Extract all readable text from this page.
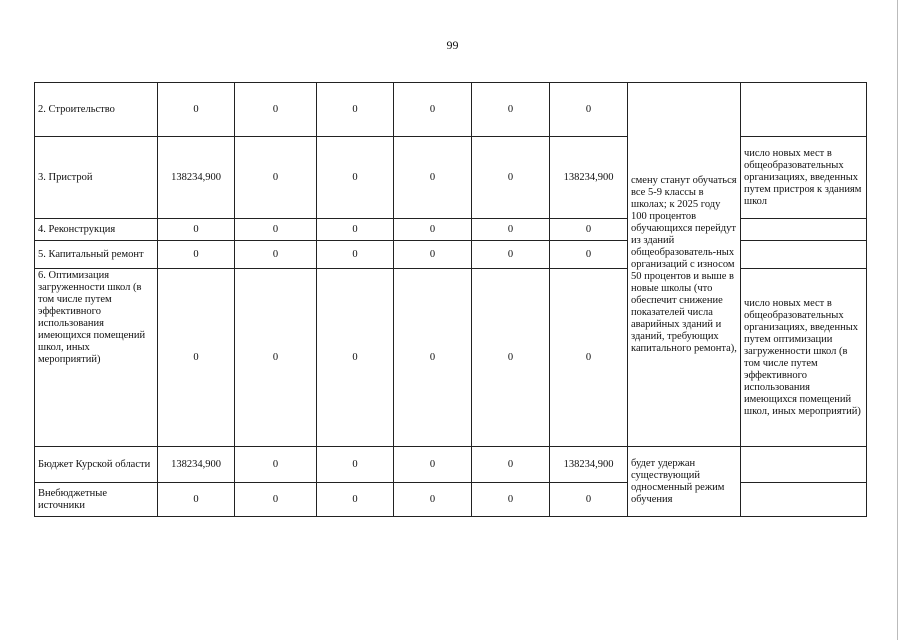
99
2. Строительство	0	0	0	0	0	0	смену станут обучаться все 5-9 классы в школах; к 2025 году 100 процентов обучающихся перейдут из зданий общеобразователь-ных организаций с износом 50 процентов и выше в новые школы (что обеспечит снижение показателей числа аварийных зданий и зданий, требующих капитального ремонта),	
3. Пристрой	138234,900	0	0	0	0	138234,900		число новых мест в общеобразовательных организациях, введенных путем пристроя к зданиям школ
4. Реконструкция	0	0	0	0	0	0		
5. Капитальный ремонт	0	0	0	0	0	0		
6. Оптимизация загруженности школ (в том числе путем эффективного использования имеющихся помещений школ, иных мероприятий)	0	0	0	0	0	0		число новых мест в общеобразовательных организациях, введенных путем оптимизации загруженности школ (в том числе путем эффективного использования имеющихся помещений школ, иных мероприятий)
Бюджет Курской области	138234,900	0	0	0	0	138234,900	будет удержан существующий односменный режим обучения	
Внебюджетные источники	0	0	0	0	0	0		
